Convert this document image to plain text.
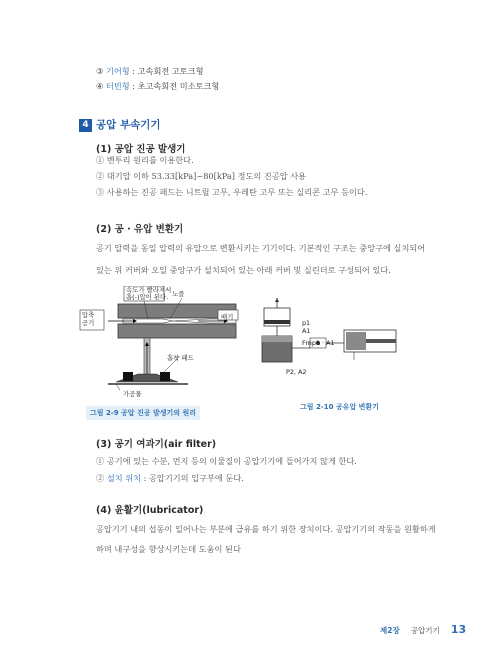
③ 기어형 : 고속회전 고토크형
④ 터빈형 : 초고속회전 미소토크형
4 공압 부속기기
(1) 공압 진공 발생기
① 벤투리 원리를 이용한다.
② 대기압 이하 53.33[kPa]~80[kPa] 정도의 진공압 사용
③ 사용하는 진공 패드는 니트릴 고무, 우레탄 고무 또는 실리콘 고무 등이다.
(2) 공 · 유압 변환기
공기 압력을 동일 압력의 유압으로 변환시키는 기기이다. 기본적인 구조는 중앙구에 실치되어
있는 위 커버와 오일 중앙구가 설치되어 있는 아래 커버 및 실린더로 구성되어 있다.
속도가 빨라져서
흡(-)압이 된다. 노즐
압축
공기
배기
흡착 패드
가공물
그림 2-9 공압 진공 발생기의 원리
p1
A1
Fmp1 · A1
P2, A2
그림 2-10 공유압 변환기
(3) 공기 여과기(air filter)
① 공기에 있는 수분, 먼지 등의 이물질이 공압기기에 들어가지 않게 한다.
② 설치 위치 : 공압기기의 입구부에 둔다.
(4) 윤활기(lubricator)
공압기기 내의 섭동이 일어나는 부분에 급유를 하기 위한 장치이다. 공압기기의 작동을 원활하게
하며 내구성을 향상시키는데 도움이 된다
제2장 공압기기 13
